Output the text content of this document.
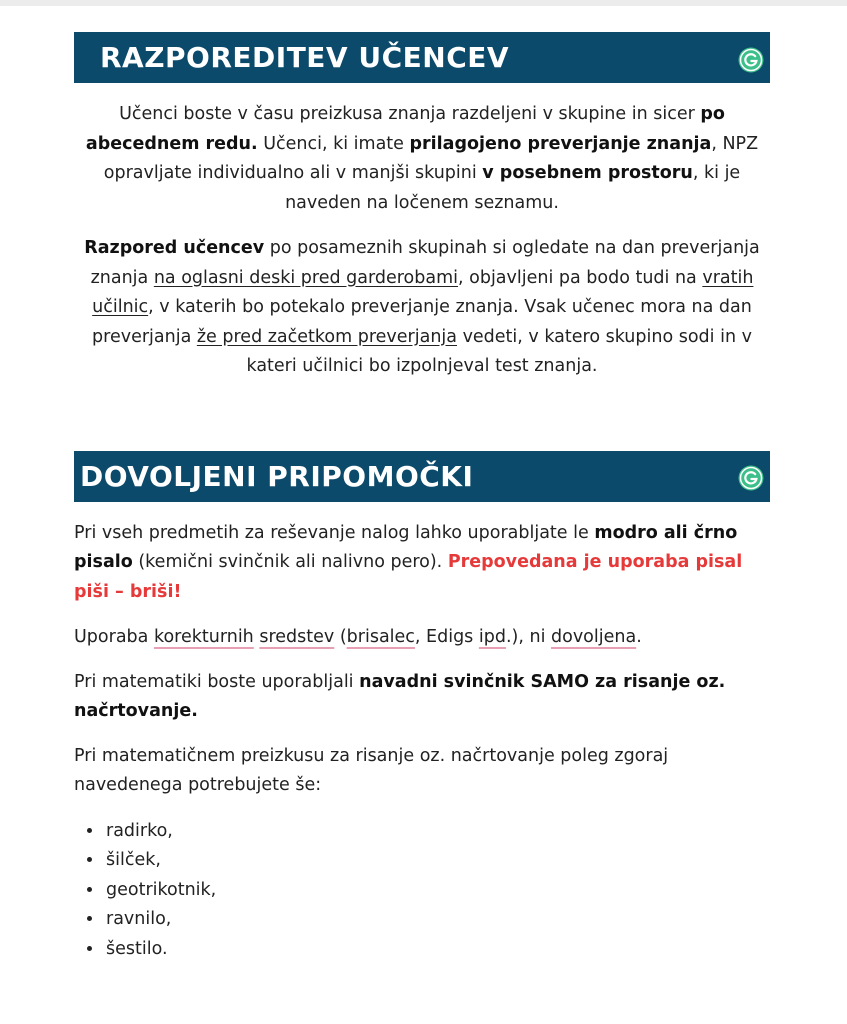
RAZPOREDITEV UČENCEV
Učenci boste v času preizkusa znanja razdeljeni v skupine in sicer po abecednem redu. Učenci, ki imate prilagojeno preverjanje znanja, NPZ opravljate individualno ali v manjši skupini v posebnem prostoru, ki je naveden na ločenem seznamu.
Razpored učencev po posameznih skupinah si ogledate na dan preverjanja znanja na oglasni deski pred garderobami, objavljeni pa bodo tudi na vratih učilnic, v katerih bo potekalo preverjanje znanja. Vsak učenec mora na dan preverjanja že pred začetkom preverjanja vedeti, v katero skupino sodi in v kateri učilnici bo izpolnjeval test znanja.
DOVOLJENI PRIPOMOČKI
Pri vseh predmetih za reševanje nalog lahko uporabljate le modro ali črno pisalo (kemični svinčnik ali nalivno pero). Prepovedana je uporaba pisal piši – briši!
Uporaba korekturnih sredstev (brisalec, Edigs ipd.), ni dovoljena.
Pri matematiki boste uporabljali navadni svinčnik SAMO za risanje oz. načrtovanje.
Pri matematičnem preizkusu za risanje oz. načrtovanje poleg zgoraj navedenega potrebujete še:
• radirko,
• šilček,
• geotrikotnik,
• ravnilo,
• šestilo.
